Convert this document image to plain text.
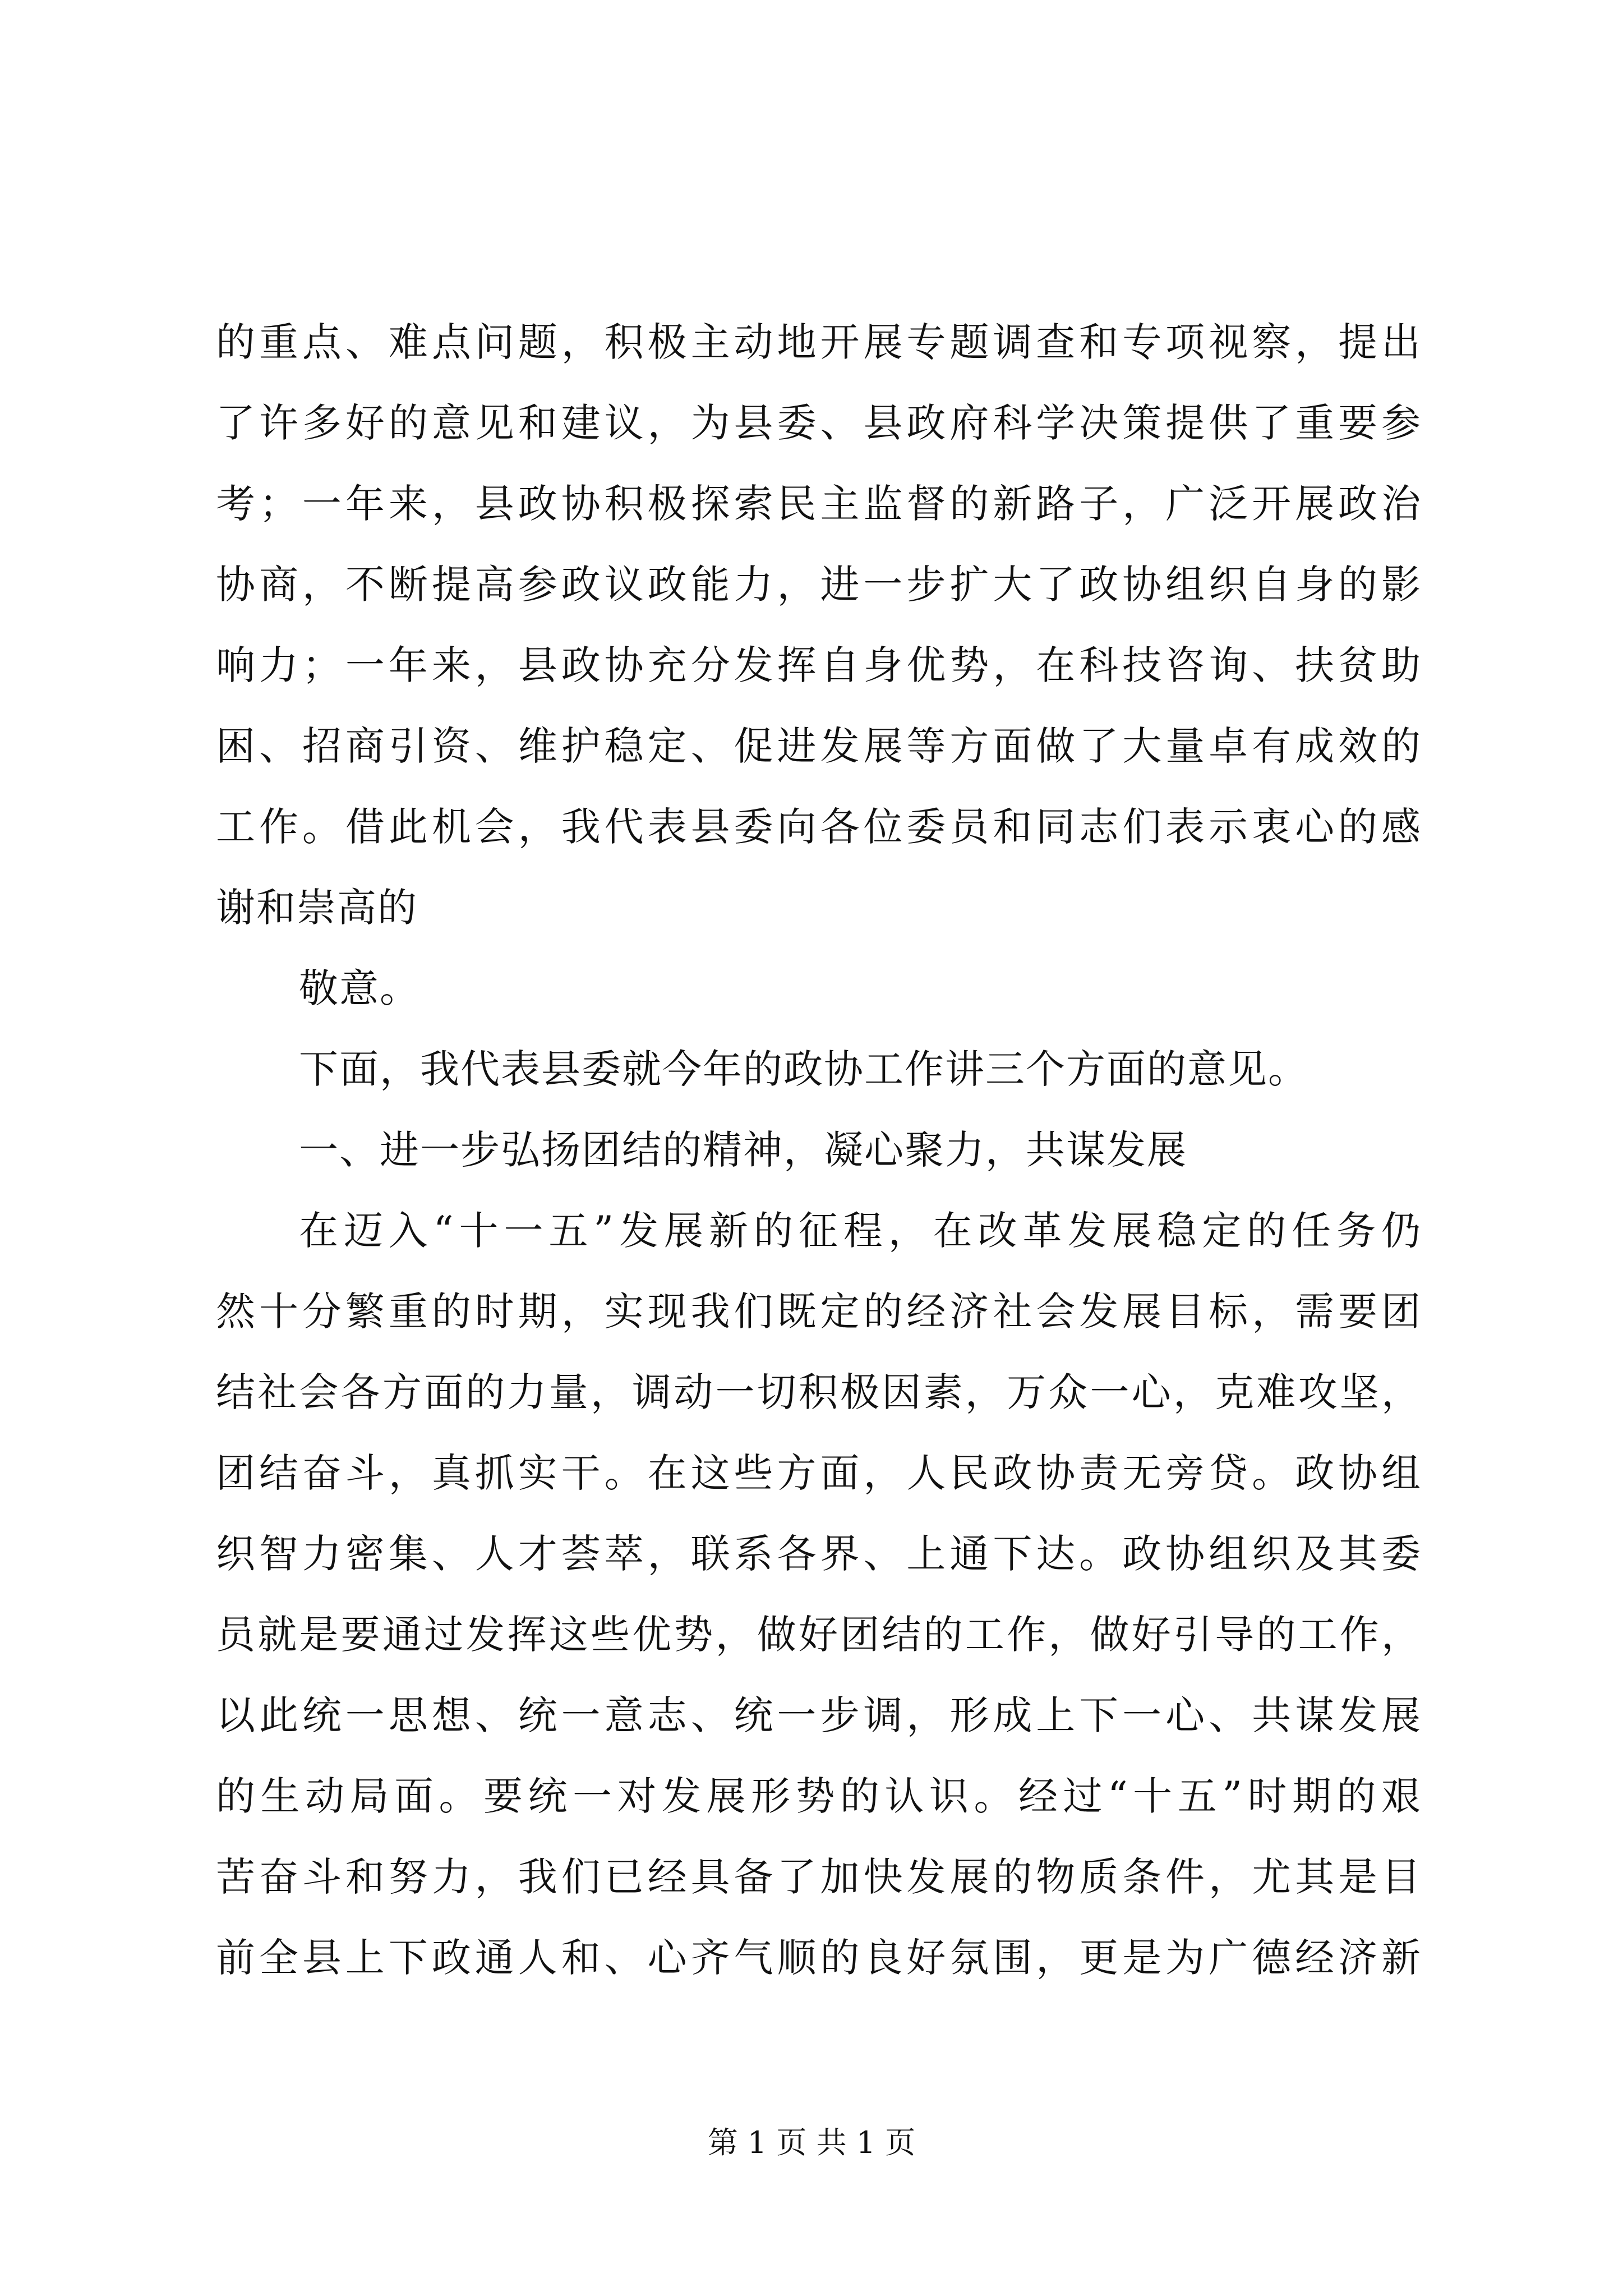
的重点、难点问题，积极主动地开展专题调查和专项视察，提出
了许多好的意见和建议，为县委、县政府科学决策提供了重要参
考；一年来，县政协积极探索民主监督的新路子，广泛开展政治
协商，不断提高参政议政能力，进一步扩大了政协组织自身的影
响力；一年来，县政协充分发挥自身优势，在科技咨询、扶贫助
困、招商引资、维护稳定、促进发展等方面做了大量卓有成效的
工作。借此机会，我代表县委向各位委员和同志们表示衷心的感
谢和崇高的
敬意。
下面，我代表县委就今年的政协工作讲三个方面的意见。
一、进一步弘扬团结的精神，凝心聚力，共谋发展
在迈入“十一五”发展新的征程，在改革发展稳定的任务仍
然十分繁重的时期，实现我们既定的经济社会发展目标，需要团
结社会各方面的力量，调动一切积极因素，万众一心，克难攻坚，
团结奋斗，真抓实干。在这些方面，人民政协责无旁贷。政协组
织智力密集、人才荟萃，联系各界、上通下达。政协组织及其委
员就是要通过发挥这些优势，做好团结的工作，做好引导的工作，
以此统一思想、统一意志、统一步调，形成上下一心、共谋发展
的生动局面。要统一对发展形势的认识。经过“十五”时期的艰
苦奋斗和努力，我们已经具备了加快发展的物质条件，尤其是目
前全县上下政通人和、心齐气顺的良好氛围，更是为广德经济新
第 1 页 共 1 页
